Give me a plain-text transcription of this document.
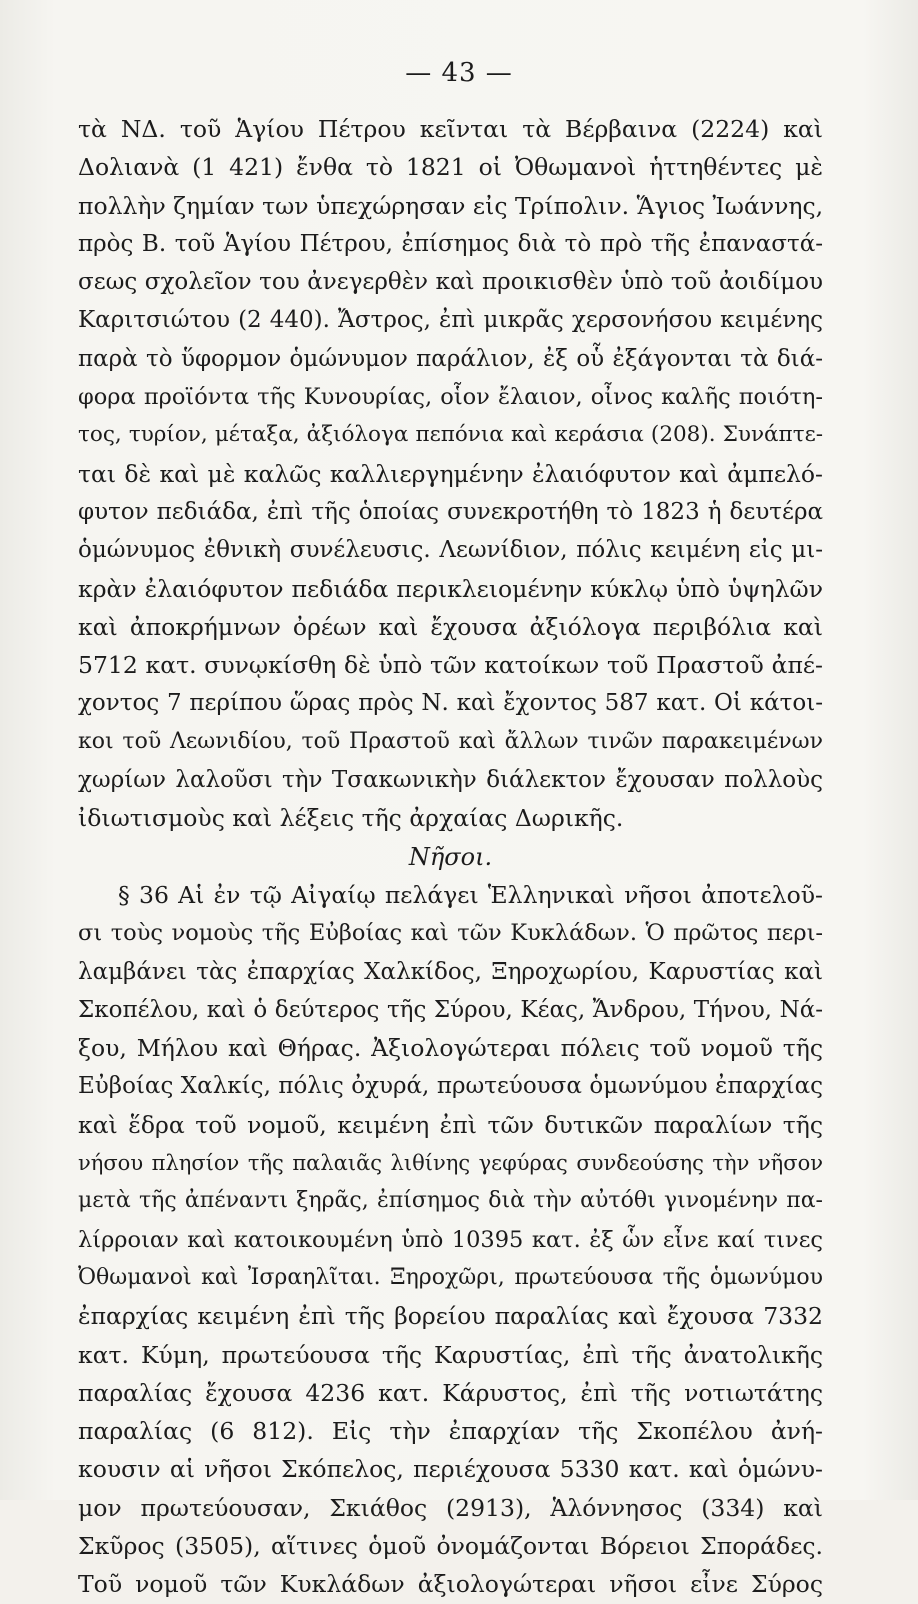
— 43 —
τὰ ΝΔ. τοῦ Ἁγίου Πέτρου κεῖνται τὰ Βέρβαινα (2224) καὶ
Δολιανὰ (1 421) ἔνθα τὸ 1821 οἱ Ὀθωμανοὶ ἡττηθέντες μὲ
πολλὴν ζημίαν των ὑπεχώρησαν εἰς Τρίπολιν. Ἅγιος Ἰωάννης,
πρὸς Β. τοῦ Ἁγίου Πέτρου, ἐπίσημος διὰ τὸ πρὸ τῆς ἐπαναστά-
σεως σχολεῖον του ἀνεγερθὲν καὶ προικισθὲν ὑπὸ τοῦ ἀοιδίμου
Καριτσιώτου (2 440). Ἄστρος, ἐπὶ μικρᾶς χερσονήσου κειμένης
παρὰ τὸ ὕφορμον ὁμώνυμον παράλιον, ἐξ οὗ ἐξάγονται τὰ διά-
φορα προϊόντα τῆς Κυνουρίας, οἷον ἔλαιον, οἶνος καλῆς ποιότη-
τος, τυρίον, μέταξα, ἀξιόλογα πεπόνια καὶ κεράσια (208). Συνάπτε-
ται δὲ καὶ μὲ καλῶς καλλιεργημένην ἐλαιόφυτον καὶ ἀμπελό-
φυτον πεδιάδα, ἐπὶ τῆς ὁποίας συνεκροτήθη τὸ 1823 ἡ δευτέρα
ὁμώνυμος ἐθνικὴ συνέλευσις. Λεωνίδιον, πόλις κειμένη εἰς μι-
κρὰν ἐλαιόφυτον πεδιάδα περικλειομένην κύκλῳ ὑπὸ ὑψηλῶν
καὶ ἀποκρήμνων ὀρέων καὶ ἔχουσα ἀξιόλογα περιβόλια καὶ
5712 κατ. συνῳκίσθη δὲ ὑπὸ τῶν κατοίκων τοῦ Πραστοῦ ἀπέ-
χοντος 7 περίπου ὥρας πρὸς Ν. καὶ ἔχοντος 587 κατ. Οἱ κάτοι-
κοι τοῦ Λεωνιδίου, τοῦ Πραστοῦ καὶ ἄλλων τινῶν παρακειμένων
χωρίων λαλοῦσι τὴν Τσακωνικὴν διάλεκτον ἔχουσαν πολλοὺς
ἰδιωτισμοὺς καὶ λέξεις τῆς ἀρχαίας Δωρικῆς.
Νῆσοι.
§ 36 Αἱ ἐν τῷ Αἰγαίῳ πελάγει Ἑλληνικαὶ νῆσοι ἀποτελοῦ-
σι τοὺς νομοὺς τῆς Εὐβοίας καὶ τῶν Κυκλάδων. Ὁ πρῶτος περι-
λαμβάνει τὰς ἐπαρχίας Χαλκίδος, Ξηροχωρίου, Καρυστίας καὶ
Σκοπέλου, καὶ ὁ δεύτερος τῆς Σύρου, Κέας, Ἄνδρου, Τήνου, Νά-
ξου, Μήλου καὶ Θήρας. Ἀξιολογώτεραι πόλεις τοῦ νομοῦ τῆς
Εὐβοίας Χαλκίς, πόλις ὀχυρά, πρωτεύουσα ὁμωνύμου ἐπαρχίας
καὶ ἕδρα τοῦ νομοῦ, κειμένη ἐπὶ τῶν δυτικῶν παραλίων τῆς
νήσου πλησίον τῆς παλαιᾶς λιθίνης γεφύρας συνδεούσης τὴν νῆσον
μετὰ τῆς ἀπέναντι ξηρᾶς, ἐπίσημος διὰ τὴν αὐτόθι γινομένην πα-
λίρροιαν καὶ κατοικουμένη ὑπὸ 10395 κατ. ἐξ ὧν εἶνε καί τινες
Ὀθωμανοὶ καὶ Ἰσραηλῖται. Ξηροχῶρι, πρωτεύουσα τῆς ὁμωνύμου
ἐπαρχίας κειμένη ἐπὶ τῆς βορείου παραλίας καὶ ἔχουσα 7332
κατ. Κύμη, πρωτεύουσα τῆς Καρυστίας, ἐπὶ τῆς ἀνατολικῆς
παραλίας ἔχουσα 4236 κατ. Κάρυστος, ἐπὶ τῆς νοτιωτάτης
παραλίας (6 812). Εἰς τὴν ἐπαρχίαν τῆς Σκοπέλου ἀνή-
κουσιν αἱ νῆσοι Σκόπελος, περιέχουσα 5330 κατ. καὶ ὁμώνυ-
μον πρωτεύουσαν, Σκιάθος (2913), Ἁλόννησος (334) καὶ
Σκῦρος (3505), αἵτινες ὁμοῦ ὀνομάζονται Βόρειοι Σποράδες.
Τοῦ νομοῦ τῶν Κυκλάδων ἀξιολογώτεραι νῆσοι εἶνε Σύρος
